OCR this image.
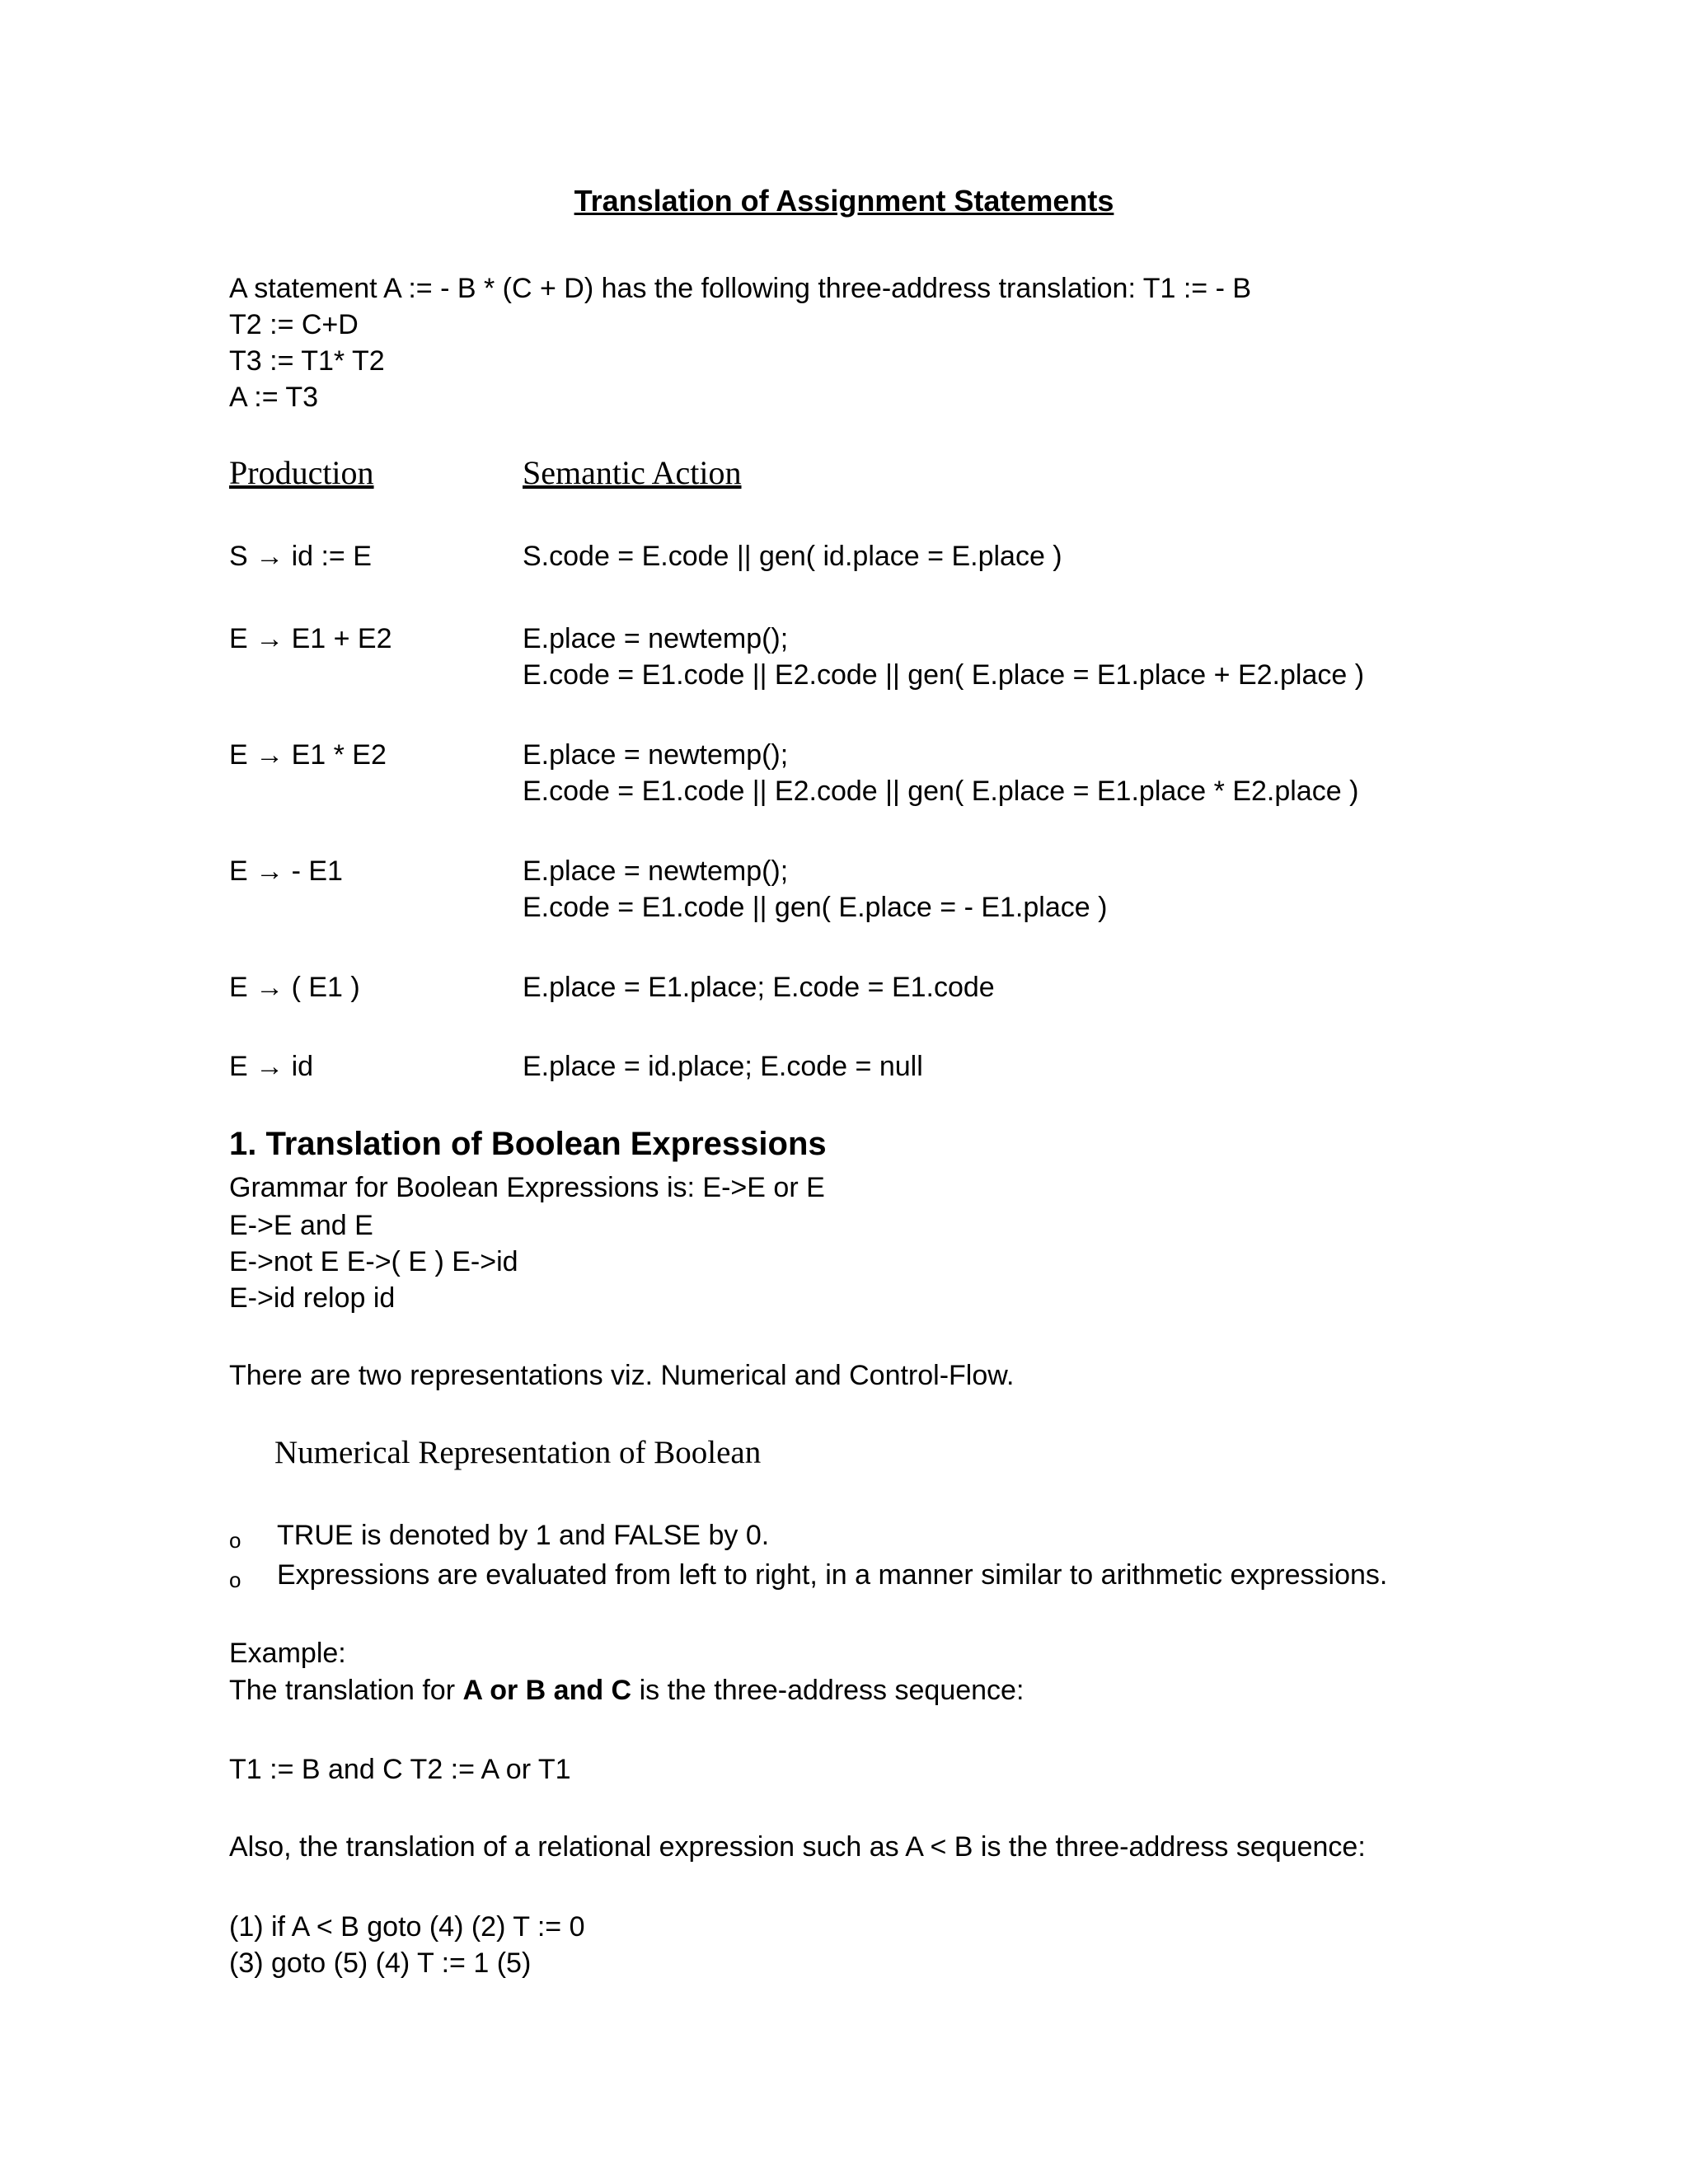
Translation of Assignment Statements
A statement A := - B * (C + D) has the following three-address translation: T1 := - B
T2 := C+D
T3 := T1* T2
A := T3
Production	Semantic Action
S → id := E	S.code = E.code || gen( id.place = E.place )
E → E1 + E2	E.place = newtemp();
E.code = E1.code || E2.code || gen( E.place = E1.place + E2.place )
E → E1 * E2	E.place = newtemp();
E.code = E1.code || E2.code || gen( E.place = E1.place * E2.place )
E → - E1	E.place = newtemp();
E.code = E1.code || gen( E.place = - E1.place )
E → ( E1 )	E.place = E1.place; E.code = E1.code
E → id	E.place = id.place; E.code = null
1. Translation of Boolean Expressions
Grammar for Boolean Expressions is: E->E or E
E->E and E
E->not E E->( E ) E->id
E->id relop id
There are two representations viz. Numerical and Control-Flow.
Numerical Representation of Boolean
o TRUE is denoted by 1 and FALSE by 0.
o Expressions are evaluated from left to right, in a manner similar to arithmetic expressions.
Example:
The translation for A or B and C is the three-address sequence:
T1 := B and C T2 := A or T1
Also, the translation of a relational expression such as A < B is the three-address sequence:
(1) if A < B goto (4) (2) T := 0
(3) goto (5) (4) T := 1 (5)
